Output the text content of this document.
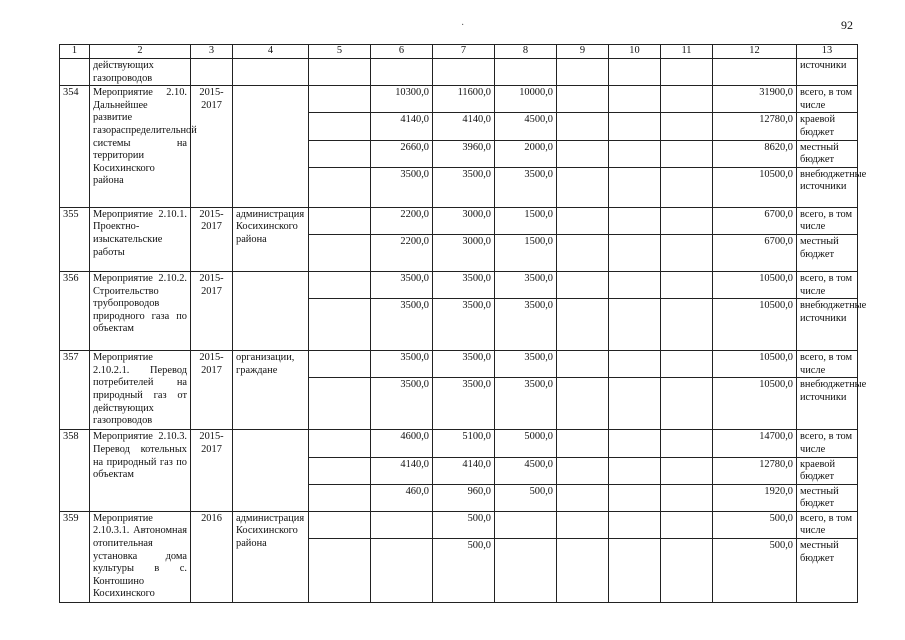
92
·
1	2	3	4	5	6	7	8	9	10	11	12	13
	действующих газопроводов											источники
354	Мероприятие 2.10. Дальнейшее развитие газораспределительной системы на территории Косихинского района	2015-2017			10300,0	11600,0	10000,0				31900,0	всего, в том числе
					4140,0	4140,0	4500,0				12780,0	краевой бюджет
					2660,0	3960,0	2000,0				8620,0	местный бюджет
					3500,0	3500,0	3500,0				10500,0	внебюджетные источники
355	Мероприятие 2.10.1. Проектно-изыскательские работы	2015-2017	администрация Косихинского района		2200,0	3000,0	1500,0				6700,0	всего, в том числе
					2200,0	3000,0	1500,0				6700,0	местный бюджет
356	Мероприятие 2.10.2. Строительство трубопроводов природного газа по объектам	2015-2017			3500,0	3500,0	3500,0				10500,0	всего, в том числе
					3500,0	3500,0	3500,0				10500,0	внебюджетные источники
357	Мероприятие 2.10.2.1. Перевод потребителей на природный газ от действующих газопроводов	2015-2017	организации, граждане		3500,0	3500,0	3500,0				10500,0	всего, в том числе
					3500,0	3500,0	3500,0				10500,0	внебюджетные источники
358	Мероприятие 2.10.3. Перевод котельных на природный газ по объектам	2015-2017			4600,0	5100,0	5000,0				14700,0	всего, в том числе
					4140,0	4140,0	4500,0				12780,0	краевой бюджет
					460,0	960,0	500,0				1920,0	местный бюджет
359	Мероприятие 2.10.3.1. Автономная отопительная установка дома культуры в с. Контошино Косихинского	2016	администрация Косихинского района			500,0					500,0	всего, в том числе
						500,0					500,0	местный бюджет
